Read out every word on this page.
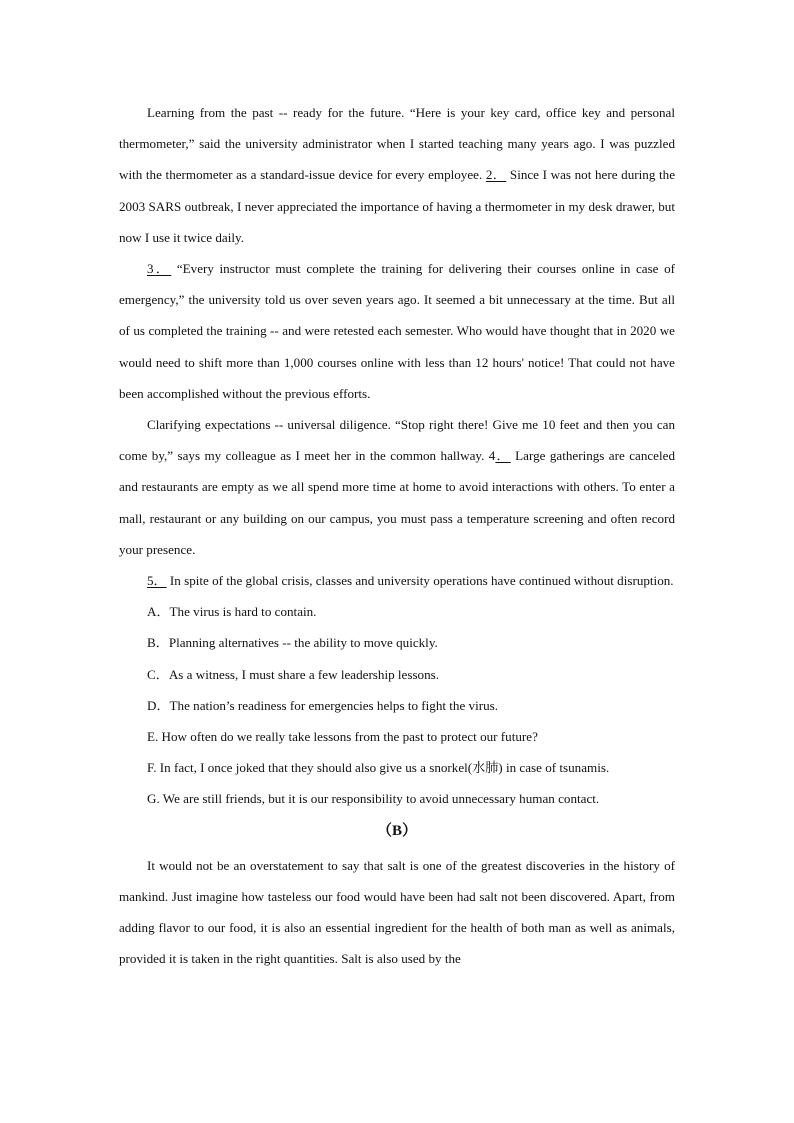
Learning from the past -- ready for the future. “Here is your key card, office key and personal thermometer,” said the university administrator when I started teaching many years ago. I was puzzled with the thermometer as a standard-issue device for every employee. 2． Since I was not here during the 2003 SARS outbreak, I never appreciated the importance of having a thermometer in my desk drawer, but now I use it twice daily.

3． “Every instructor must complete the training for delivering their courses online in case of emergency,” the university told us over seven years ago. It seemed a bit unnecessary at the time. But all of us completed the training -- and were retested each semester. Who would have thought that in 2020 we would need to shift more than 1,000 courses online with less than 12 hours' notice! That could not have been accomplished without the previous efforts.

Clarifying expectations -- universal diligence. “Stop right there! Give me 10 feet and then you can come by,” says my colleague as I meet her in the common hallway. 4． Large gatherings are canceled and restaurants are empty as we all spend more time at home to avoid interactions with others. To enter a mall, restaurant or any building on our campus, you must pass a temperature screening and often record your presence.

5． In spite of the global crisis, classes and university operations have continued without disruption.

A．The virus is hard to contain.

B．Planning alternatives -- the ability to move quickly.

C．As a witness, I must share a few leadership lessons.

D．The nation’s readiness for emergencies helps to fight the virus.

E. How often do we really take lessons from the past to protect our future?

F. In fact, I once joked that they should also give us a snorkel(水肺) in case of tsunamis.

G. We are still friends, but it is our responsibility to avoid unnecessary human contact.

（B）

It would not be an overstatement to say that salt is one of the greatest discoveries in the history of mankind. Just imagine how tasteless our food would have been had salt not been discovered. Apart, from adding flavor to our food, it is also an essential ingredient for the health of both man as well as animals, provided it is taken in the right quantities. Salt is also used by the
